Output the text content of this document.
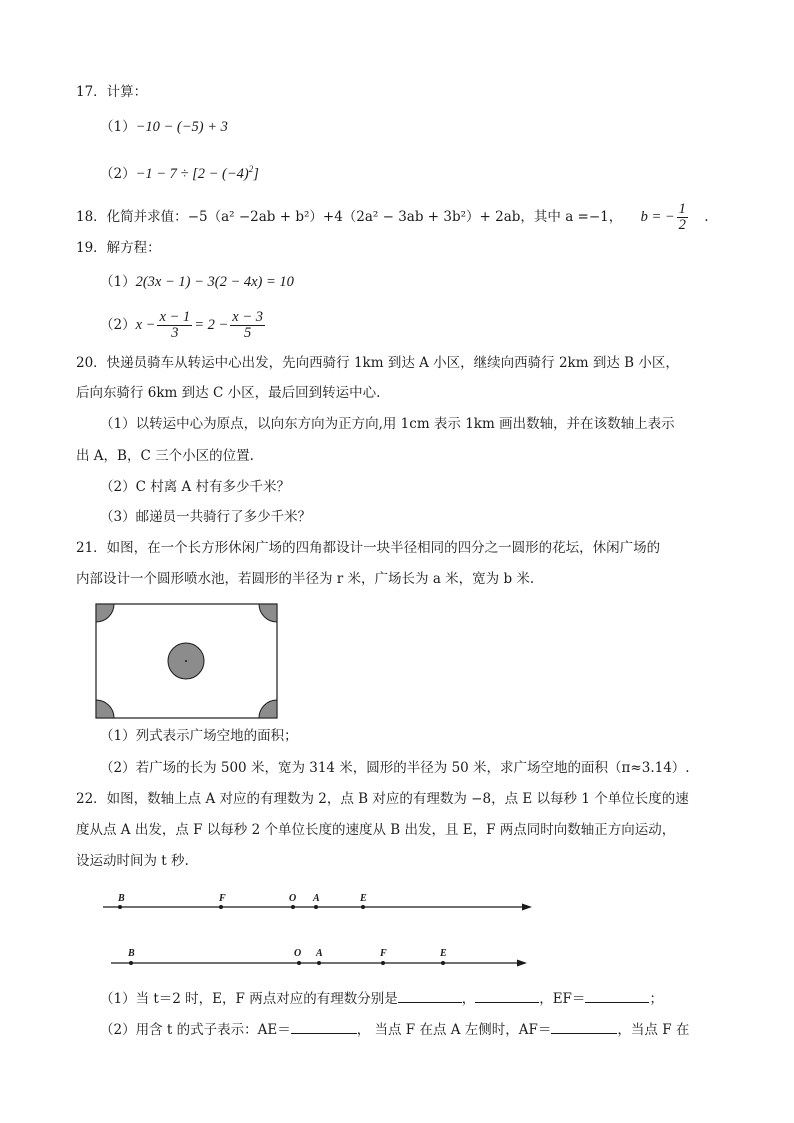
17．计算：
（1）−10 − (−5) + 3
$(2)-1 - 7 \div [2 - (-4)^2]$
18．化简并求值：−5（a² −2ab + b²）+4（2a² − 3ab + 3b²）+ 2ab，其中 a =−1， b = − $\frac{1}{2}$ .
19．解方程：
（1）2(3x − 1) − 3(2 − 4x) = 10
$(2)x - \frac{x - 1}{3} = 2 - \frac{x - 3}{5}$
20．快递员骑车从转运中心出发，先向西骑行 1km 到达 A 小区，继续向西骑行 2km 到达 B 小区，
后向东骑行 6km 到达 C 小区，最后回到转运中心.
（1）以转运中心为原点，以向东方向为正方向,用 1cm 表示 1km 画出数轴，并在该数轴上表示
出 A，B，C 三个小区的位置.
（2）C 村离 A 村有多少千米？
（3）邮递员一共骑行了多少千米？
21．如图，在一个长方形休闲广场的四角都设计一块半径相同的四分之一圆形的花坛，休闲广场的
内部设计一个圆形喷水池，若圆形的半径为 r 米，广场长为 a 米，宽为 b 米.
（1）列式表示广场空地的面积；
（2）若广场的长为 500 米，宽为 314 米，圆形的半径为 50 米，求广场空地的面积（π≈3.14）.
22．如图，数轴上点 A 对应的有理数为 2，点 B 对应的有理数为 −8，点 E 以每秒 1 个单位长度的速
度从点 A 出发，点 F 以每秒 2 个单位长度的速度从 B 出发，且 E，F 两点同时向数轴正方向运动，
设运动时间为 t 秒.
B	F	O A	E
B	O A	F	E
（1）当 t＝2 时，E，F 两点对应的有理数分别是	，	，EF＝	；
（2）用含 t 的式子表示：AE＝	， 当点 F 在点 A 左侧时，AF＝	，当点 F 在
